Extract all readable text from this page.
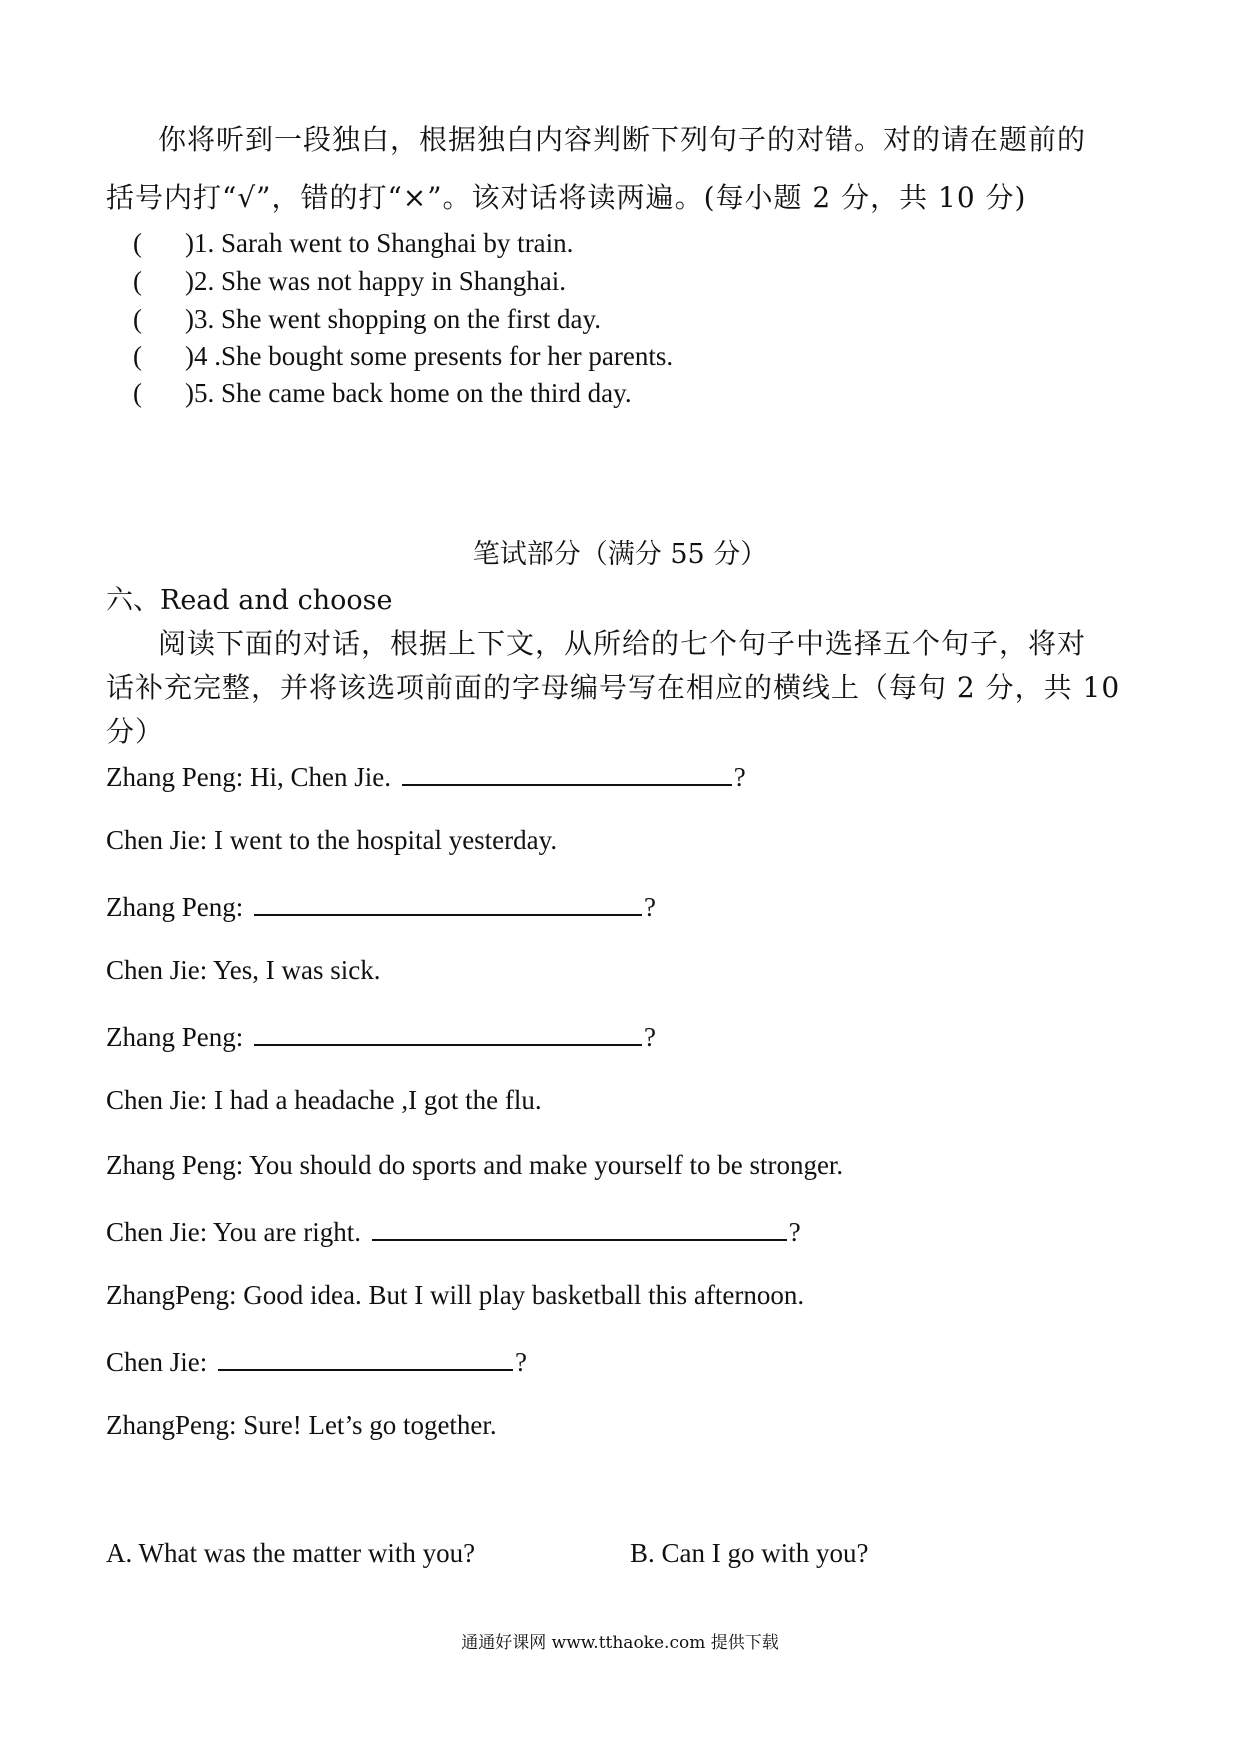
你将听到一段独白，根据独白内容判断下列句子的对错。对的请在题前的
括号内打“√”，错的打“×”。该对话将读两遍。(每小题 2 分，共 10 分)
( )1. Sarah went to Shanghai by train.
( )2. She was not happy in Shanghai.
( )3. She went shopping on the first day.
( )4 .She bought some presents for her parents.
( )5. She came back home on the third day.
笔试部分（满分 55 分）
六、Read and choose
阅读下面的对话，根据上下文，从所给的七个句子中选择五个句子，将对
话补充完整，并将该选项前面的字母编号写在相应的横线上（每句 2 分，共 10
分）
Zhang Peng: Hi, Chen Jie.	?
Chen Jie: I went to the hospital yesterday.
Zhang Peng:	?
Chen Jie: Yes, I was sick.
Zhang Peng:	?
Chen Jie: I had a headache ,I got the flu.
Zhang Peng: You should do sports and make yourself to be stronger.
Chen Jie: You are right.	?
ZhangPeng: Good idea. But I will play basketball this afternoon.
Chen Jie:	?
ZhangPeng: Sure! Let’s go together.
A. What was the matter with you?	B. Can I go with you?
通通好课网 www.tthaoke.com 提供下载
